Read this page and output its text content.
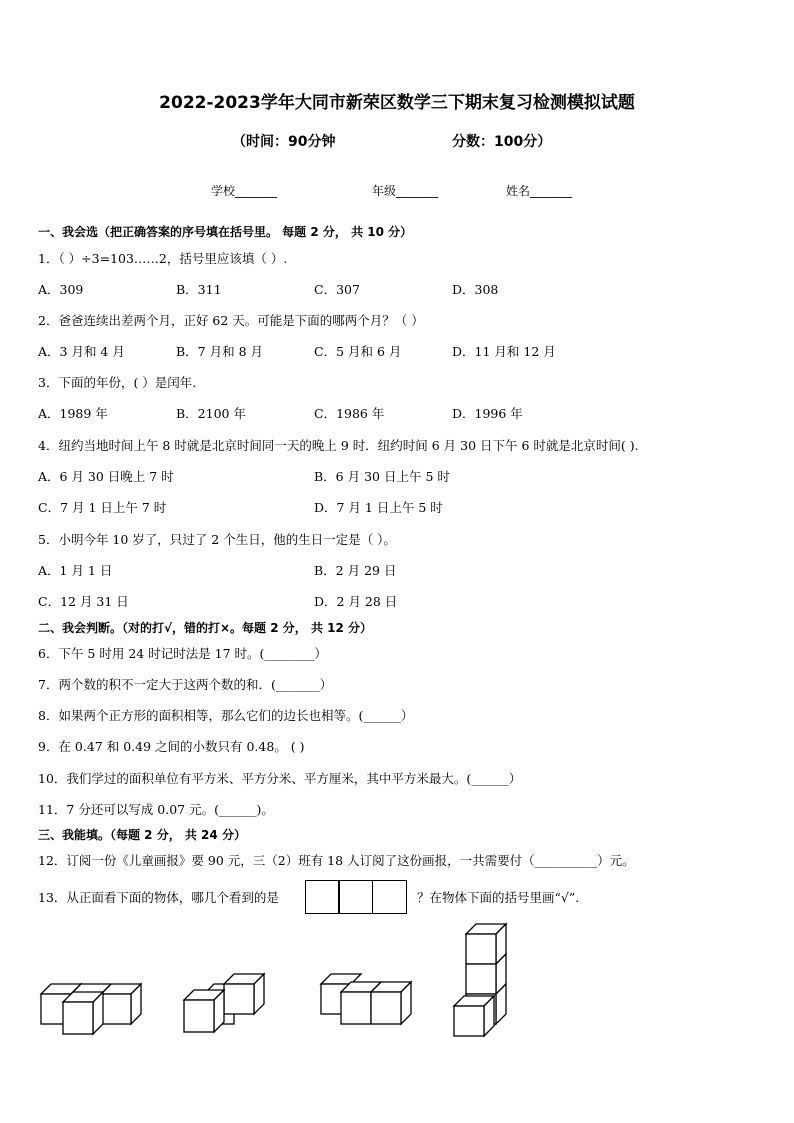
2022-2023学年大同市新荣区数学三下期末复习检测模拟试题
（时间：90分钟	分数：100分）
学校_______	年级_______	姓名_______
一、我会选（把正确答案的序号填在括号里。 每题 2 分， 共 10 分）
1．（ ）÷3=103……2，括号里应该填（ ）.
A．309	B．311	C．307	D．308
2．爸爸连续出差两个月，正好 62 天。可能是下面的哪两个月？（ ）
A．3 月和 4 月	B．7 月和 8 月	C．5 月和 6 月	D．11 月和 12 月
3．下面的年份，( ）是闰年.
A．1989 年	B．2100 年	C．1986 年	D．1996 年
4．纽约当地时间上午 8 时就是北京时间同一天的晚上 9 时．纽约时间 6 月 30 日下午 6 时就是北京时间( ).
A．6 月 30 日晚上 7 时	B．6 月 30 日上午 5 时
C．7 月 1 日上午 7 时	D．7 月 1 日上午 5 时
5．小明今年 10 岁了，只过了 2 个生日，他的生日一定是（ ）。
A．1 月 1 日	B．2 月 29 日
C．12 月 31 日	D．2 月 28 日
二、我会判断。（对的打√，错的打×。每题 2 分， 共 12 分）
6．下午 5 时用 24 时记时法是 17 时。(________）
7．两个数的积不一定大于这两个数的和．(_______）
8．如果两个正方形的面积相等，那么它们的边长也相等。(______）
9．在 0.47 和 0.49 之间的小数只有 0.48。 ( )
10．我们学过的面积单位有平方米、平方分米、平方厘米，其中平方米最大。(______）
11．7 分还可以写成 0.07 元。(______)。
三、我能填。（每题 2 分， 共 24 分）
12．订阅一份《儿童画报》要 90 元，三（2）班有 18 人订阅了这份画报，一共需要付（__________）元。
13．从正面看下面的物体，哪几个看到的是	？在物体下面的括号里画“√”.
